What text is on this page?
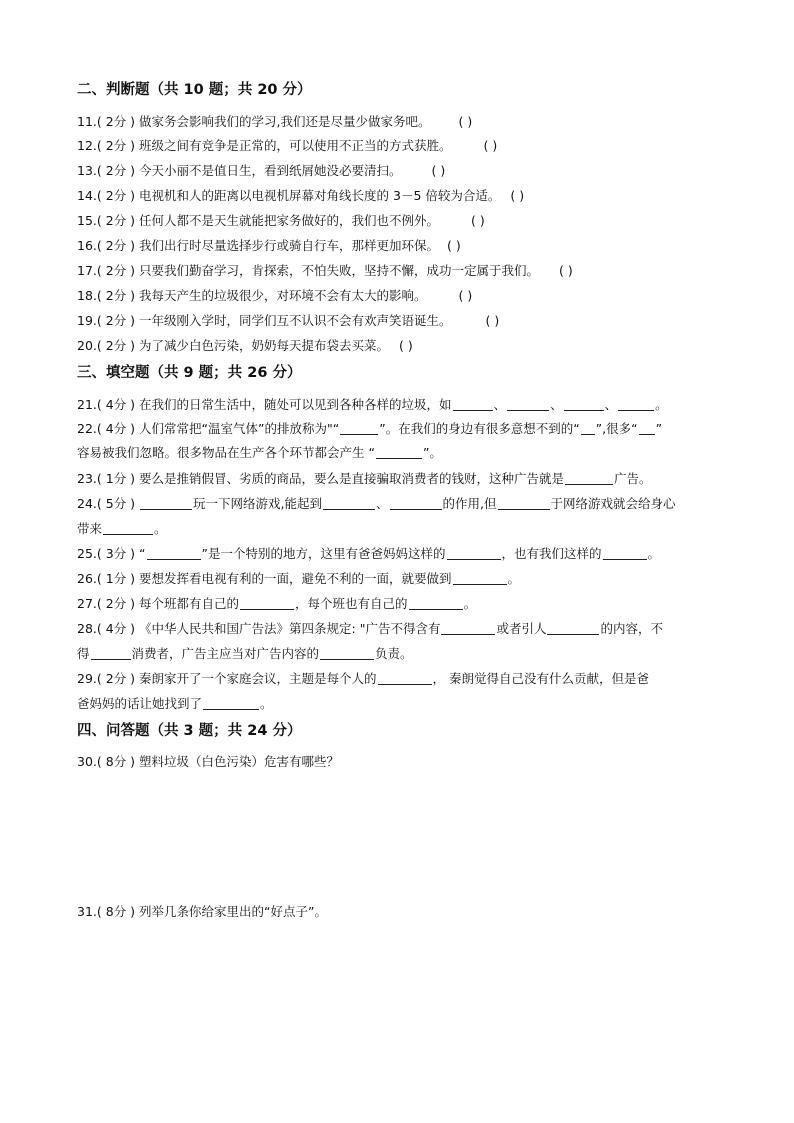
二、判断题（共 10 题；共 20 分）
11.( 2分 ) 做家务会影响我们的学习,我们还是尽量少做家务吧。 ( )
12.( 2分 ) 班级之间有竞争是正常的，可以使用不正当的方式获胜。	( )
13.( 2分 ) 今天小丽不是值日生，看到纸屑她没必要清扫。 ( )
14.( 2分 ) 电视机和人的距离以电视机屏幕对角线长度的 3－5 倍较为合适。 ( )
15.( 2分 ) 任何人都不是天生就能把家务做好的，我们也不例外。	( )
16.( 2分 ) 我们出行时尽量选择步行或骑自行车，那样更加环保。 ( )
17.( 2分 ) 只要我们勤奋学习，肯探索，不怕失败，坚持不懈，成功一定属于我们。 ( )
18.( 2分 ) 我每天产生的垃圾很少，对环境不会有太大的影响。	( )
19.( 2分 ) 一年级刚入学时，同学们互不认识不会有欢声笑语诞生。	( )
20.( 2分 ) 为了减少白色污染，奶奶每天提布袋去买菜。 ( )
三、填空题（共 9 题；共 26 分）
21.( 4分 ) 在我们的日常生活中，随处可以见到各种各样的垃圾，如	、	、	、	。
22.( 4分 ) 人们常常把“温室气体”的排放称为"“	”。在我们的身边有很多意想不到的“ ”,很多“ ”
容易被我们忽略。很多物品在生产各个环节都会产生 “	”。
23.( 1分 ) 要么是推销假冒、劣质的商品，要么是直接骗取消费者的钱财，这种广告就是	广告。
24.( 5分 )	玩一下网络游戏,能起到	、	的作用,但	于网络游戏就会给身心
带来	。
25.( 3分 ) “	”是一个特别的地方，这里有爸爸妈妈这样的	，也有我们这样的	。
26.( 1分 ) 要想发挥看电视有利的一面，避免不利的一面，就要做到	。
27.( 2分 ) 每个班都有自己的	，每个班也有自己的	。
28.( 4分 ) 《中华人民共和国广告法》第四条规定: "广告不得含有	或者引人	的内容，不
得	消费者，广告主应当对广告内容的	负责。
29.( 2分 ) 秦朗家开了一个家庭会议，主题是每个人的	， 秦朗觉得自己没有什么贡献，但是爸
爸妈妈的话让她找到了	。
四、问答题（共 3 题；共 24 分）
30.( 8分 ) 塑料垃圾（白色污染）危害有哪些？
31.( 8分 ) 列举几条你给家里出的“好点子”。
